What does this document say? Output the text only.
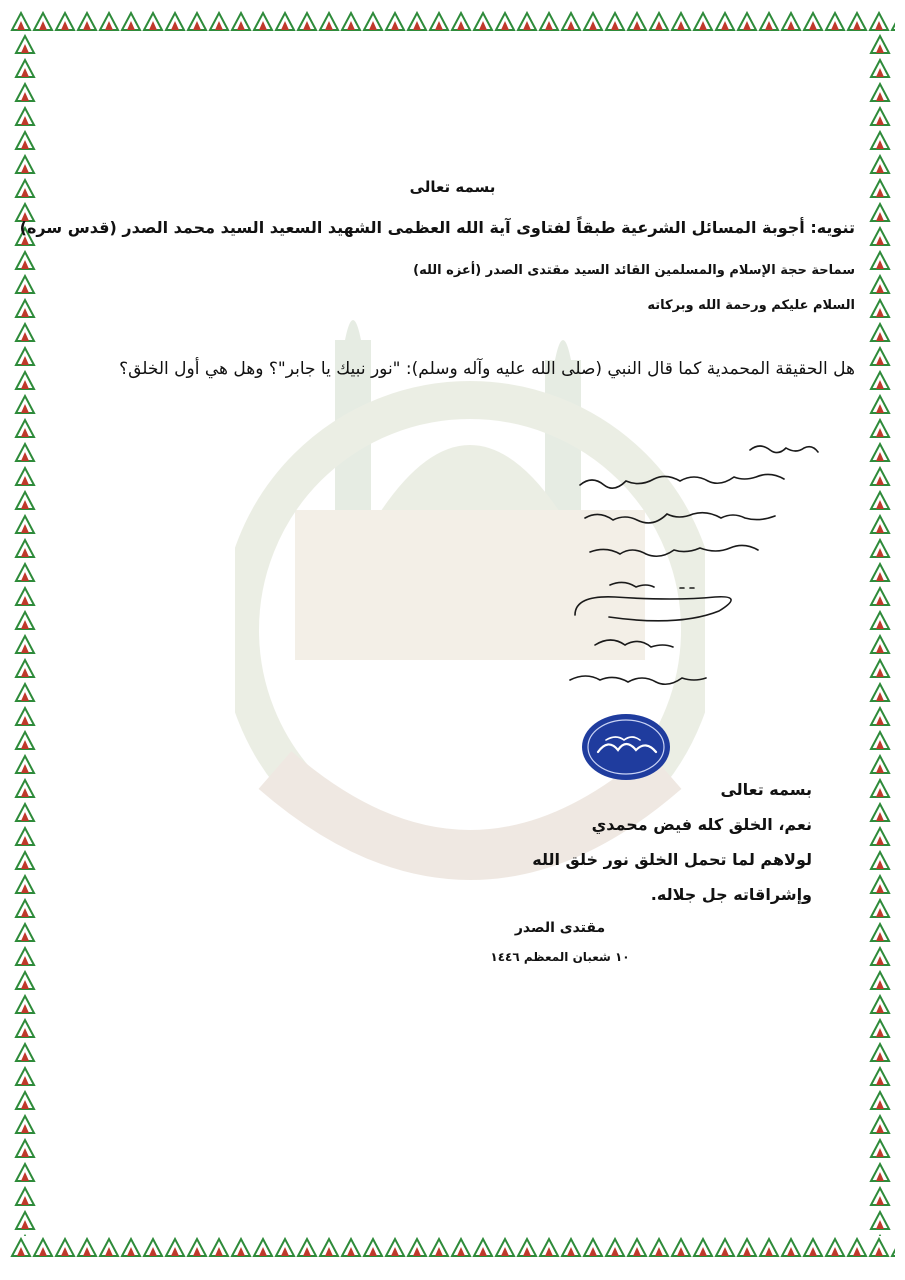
بسمه تعالى
تنويه: أجوبة المسائل الشرعية طبقاً لفتاوى آية الله العظمى الشهيد السعيد السيد محمد الصدر (قدس سره)
سماحة حجة الإسلام والمسلمين القائد السيد مقتدى الصدر (أعزه الله)
السلام عليكم ورحمة الله وبركاته
هل الحقيقة المحمدية كما قال النبي (صلى الله عليه وآله وسلم): "نور نبيك يا جابر"؟ وهل هي أول الخلق؟
بسمه تعالى
نعم، الخلق كله فيض محمدي
لولاهم لما تحمل الخلق نور خلق الله
وإشراقاته جل جلاله.
مقتدى الصدر
١٠ شعبان المعظم ١٤٤٦
